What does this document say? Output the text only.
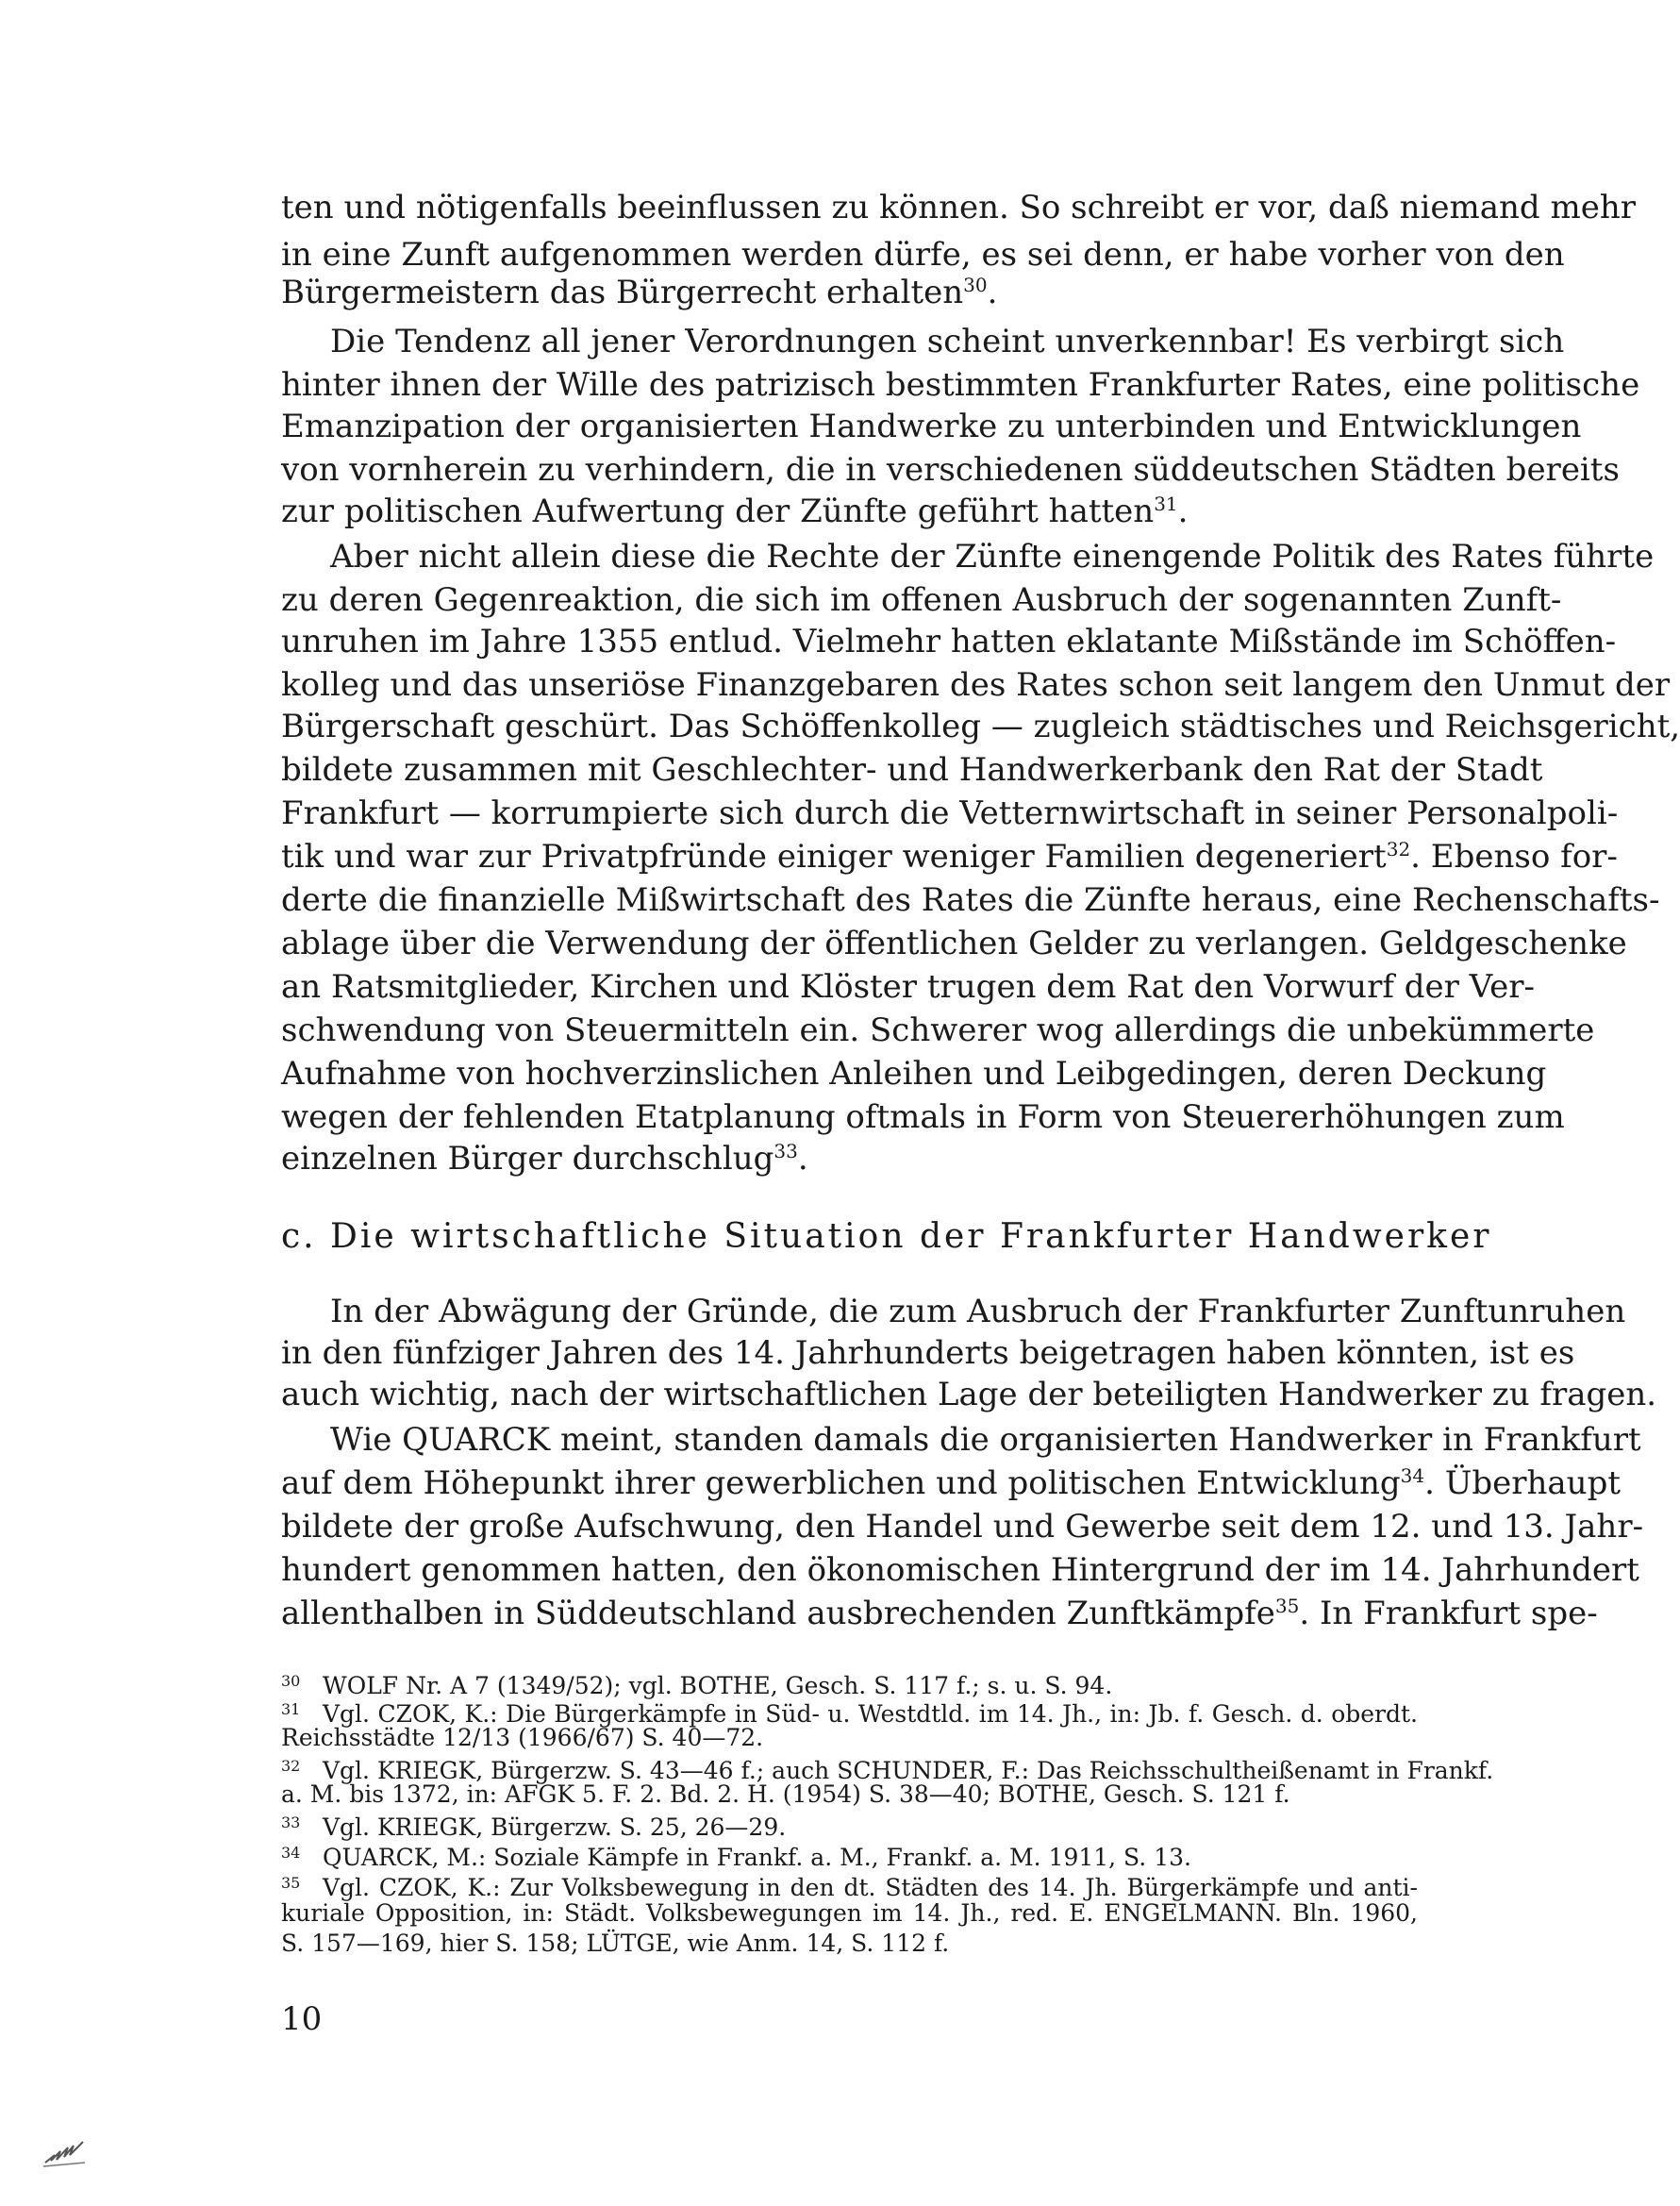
ten und nötigenfalls beeinflussen zu können. So schreibt er vor, daß niemand mehr
in eine Zunft aufgenommen werden dürfe, es sei denn, er habe vorher von den
Bürgermeistern das Bürgerrecht erhalten$^{30}$.
Die Tendenz all jener Verordnungen scheint unverkennbar! Es verbirgt sich
hinter ihnen der Wille des patrizisch bestimmten Frankfurter Rates, eine politische
Emanzipation der organisierten Handwerke zu unterbinden und Entwicklungen
von vornherein zu verhindern, die in verschiedenen süddeutschen Städten bereits
zur politischen Aufwertung der Zünfte geführt hatten$^{31}$.
Aber nicht allein diese die Rechte der Zünfte einengende Politik des Rates führte
zu deren Gegenreaktion, die sich im offenen Ausbruch der sogenannten Zunft-
unruhen im Jahre 1355 entlud. Vielmehr hatten eklatante Mißstände im Schöffen-
kolleg und das unseriöse Finanzgebaren des Rates schon seit langem den Unmut der
Bürgerschaft geschürt. Das Schöffenkolleg — zugleich städtisches und Reichsgericht,
bildete zusammen mit Geschlechter- und Handwerkerbank den Rat der Stadt
Frankfurt — korrumpierte sich durch die Vetternwirtschaft in seiner Personalpoli-
tik und war zur Privatpfründe einiger weniger Familien degeneriert$^{32}$. Ebenso for-
derte die finanzielle Mißwirtschaft des Rates die Zünfte heraus, eine Rechenschafts-
ablage über die Verwendung der öffentlichen Gelder zu verlangen. Geldgeschenke
an Ratsmitglieder, Kirchen und Klöster trugen dem Rat den Vorwurf der Ver-
schwendung von Steuermitteln ein. Schwerer wog allerdings die unbekümmerte
Aufnahme von hochverzinslichen Anleihen und Leibgedingen, deren Deckung
wegen der fehlenden Etatplanung oftmals in Form von Steuererhöhungen zum
einzelnen Bürger durchschlug$^{33}$.
c. Die wirtschaftliche Situation der Frankfurter Handwerker
In der Abwägung der Gründe, die zum Ausbruch der Frankfurter Zunftunruhen
in den fünfziger Jahren des 14. Jahrhunderts beigetragen haben könnten, ist es
auch wichtig, nach der wirtschaftlichen Lage der beteiligten Handwerker zu fragen.
Wie QUARCK meint, standen damals die organisierten Handwerker in Frankfurt
auf dem Höhepunkt ihrer gewerblichen und politischen Entwicklung$^{34}$. Überhaupt
bildete der große Aufschwung, den Handel und Gewerbe seit dem 12. und 13. Jahr-
hundert genommen hatten, den ökonomischen Hintergrund der im 14. Jahrhundert
allenthalben in Süddeutschland ausbrechenden Zunftkämpfe$^{35}$. In Frankfurt spe-
30 WOLF Nr. A 7 (1349/52); vgl. BOTHE, Gesch. S. 117 f.; s. u. S. 94.
31 Vgl. CZOK, K.: Die Bürgerkämpfe in Süd- u. Westdtld. im 14. Jh., in: Jb. f. Gesch. d. oberdt.
Reichsstädte 12/13 (1966/67) S. 40—72.
32 Vgl. KRIEGK, Bürgerzw. S. 43—46 f.; auch SCHUNDER, F.: Das Reichsschultheißenamt in Frankf.
a. M. bis 1372, in: AFGK 5. F. 2. Bd. 2. H. (1954) S. 38—40; BOTHE, Gesch. S. 121 f.
33 Vgl. KRIEGK, Bürgerzw. S. 25, 26—29.
34 QUARCK, M.: Soziale Kämpfe in Frankf. a. M., Frankf. a. M. 1911, S. 13.
35 Vgl. CZOK, K.: Zur Volksbewegung in den dt. Städten des 14. Jh. Bürgerkämpfe und anti-
kuriale Opposition, in: Städt. Volksbewegungen im 14. Jh., red. E. ENGELMANN. Bln. 1960,
S. 157—169, hier S. 158; LÜTGE, wie Anm. 14, S. 112 f.
10
